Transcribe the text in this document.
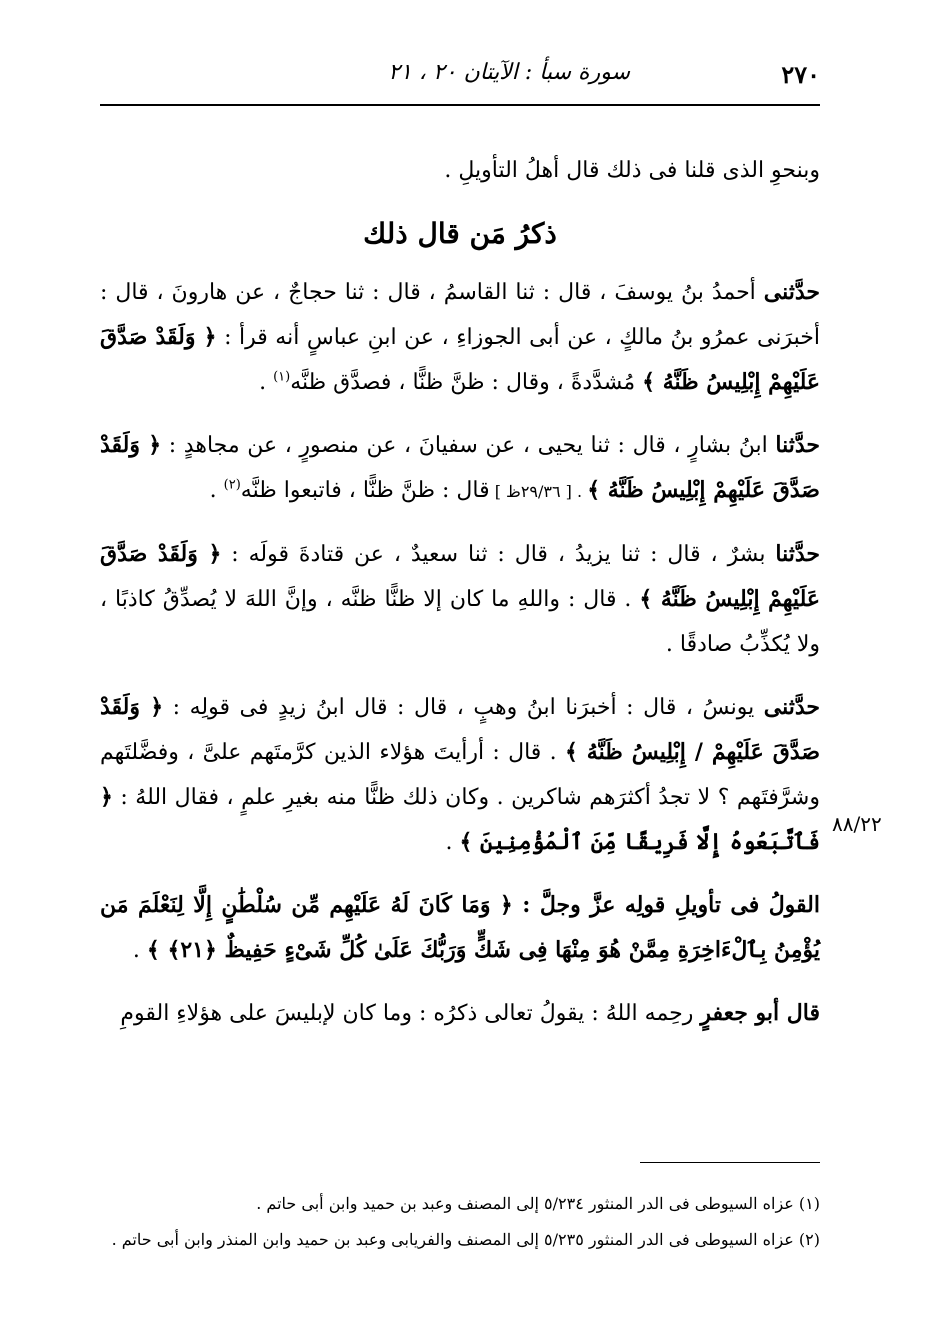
٢٧٠
سورة سبأ : الآيتان ٢٠ ، ٢١

وبنحوِ الذى قلنا فى ذلك قال أهلُ التأويلِ .

ذكرُ مَن قال ذلك

حدَّثنى أحمدُ بنُ يوسفَ ، قال : ثنا القاسمُ ، قال : ثنا حجاجٌ ، عن هارونَ ، قال : أخبرَنى عمرُو بنُ مالكٍ ، عن أبى الجوزاءِ ، عن ابنِ عباسٍ أنه قرأ : ﴿ وَلَقَدْ صَدَّقَ عَلَيْهِمْ إِبْلِيسُ ظَنَّهُ ﴾ مُشدَّدةً ، وقال : ظنَّ ظنًّا ، فصدَّق ظنَّه$^{(١)}$ .

حدَّثنا ابنُ بشارٍ ، قال : ثنا يحيى ، عن سفيانَ ، عن منصورٍ ، عن مجاهدٍ : ﴿ وَلَقَدْ صَدَّقَ عَلَيْهِمْ إِبْلِيسُ ظَنَّهُ ﴾ . [ ٢٩/٣٦ظ ] قال : ظنَّ ظنًّا ، فاتبعوا ظنَّه$^{(٢)}$ .

حدَّثنا بشرٌ ، قال : ثنا يزيدُ ، قال : ثنا سعيدٌ ، عن قتادةَ قولَه : ﴿ وَلَقَدْ صَدَّقَ عَلَيْهِمْ إِبْلِيسُ ظَنَّهُ ﴾ . قال : واللهِ ما كان إلا ظنًّا ظنَّه ، وإنَّ اللهَ لا يُصدِّقُ كاذبًا ، ولا يُكذِّبُ صادقًا .

حدَّثنى يونسُ ، قال : أخبرَنا ابنُ وهبٍ ، قال : قال ابنُ زيدٍ فى قولِه : ﴿ وَلَقَدْ صَدَّقَ عَلَيْهِمْ / إِبْلِيسُ ظَنَّهُ ﴾ . قال : أرأيتَ هؤلاء الذين كرَّمتَهم علىَّ ، وفضَّلتَهم وشرَّفتَهم ؟ لا تجدُ أكثرَهم شاكرين . وكان ذلك ظنًّا منه بغيرِ علمٍ ، فقال اللهُ : ﴿ فَٱتَّبَعُوهُ إِلَّا فَرِيقًا مِّنَ ٱلْمُؤْمِنِينَ ﴾ .

القولُ فى تأويلِ قولِه عزَّ وجلَّ : ﴿ وَمَا كَانَ لَهُ عَلَيْهِم مِّن سُلْطَٰنٍ إِلَّا لِنَعْلَمَ مَن يُؤْمِنُ بِٱلْءَاخِرَةِ مِمَّنْ هُوَ مِنْهَا فِى شَكٍّ وَرَبُّكَ عَلَىٰ كُلِّ شَىْءٍ حَفِيظٌ ﴿٢١﴾ ﴾ .

قال أبو جعفرٍ رحِمه اللهُ : يقولُ تعالى ذكرُه : وما كان لإبليسَ على هؤلاءِ القومِ

٨٨/٢٢

(١) عزاه السيوطى فى الدر المنثور ٥/٢٣٤ إلى المصنف وعبد بن حميد وابن أبى حاتم .

(٢) عزاه السيوطى فى الدر المنثور ٥/٢٣٥ إلى المصنف والفريابى وعبد بن حميد وابن المنذر وابن أبى حاتم .
